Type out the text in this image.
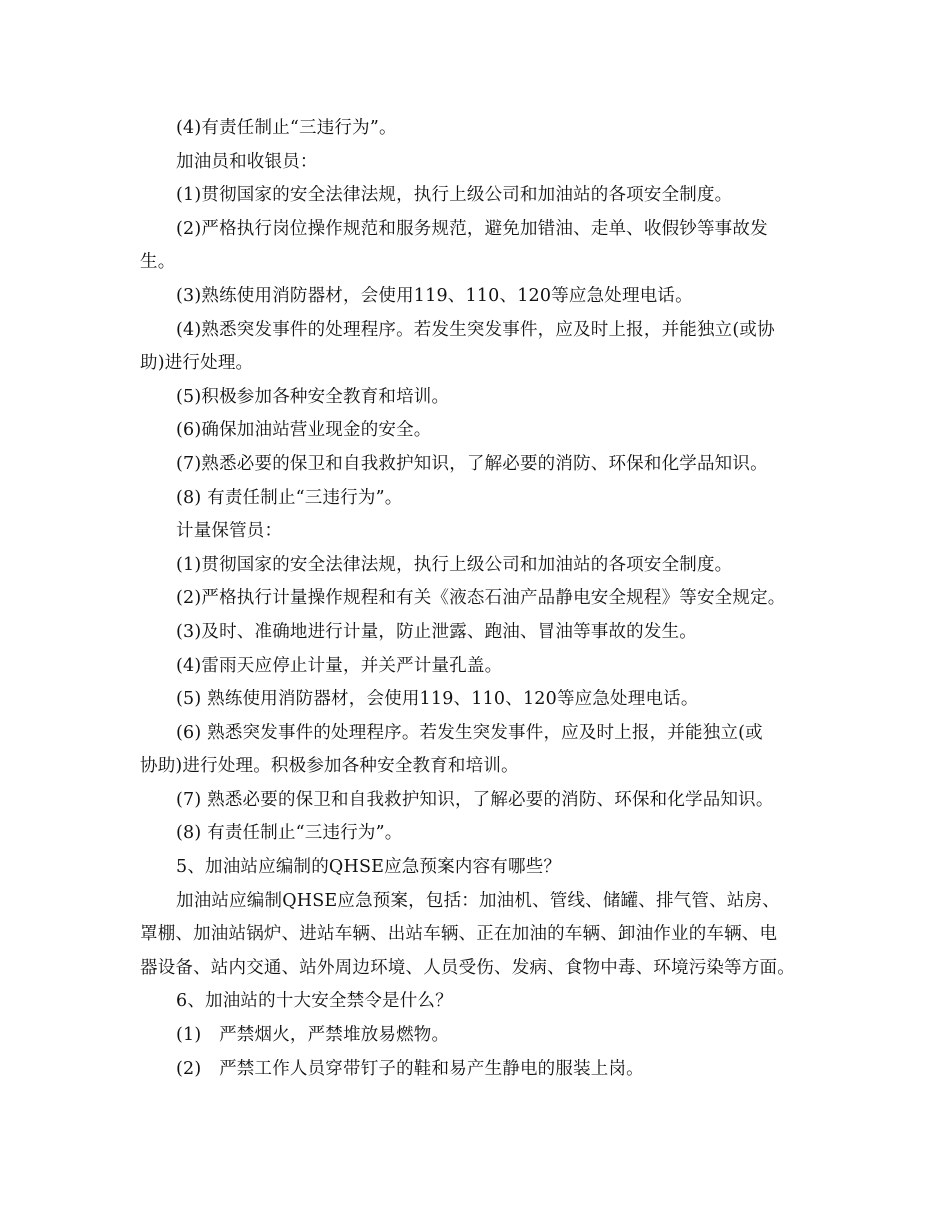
(4)有责任制止“三违行为”。
加油员和收银员：
(1)贯彻国家的安全法律法规，执行上级公司和加油站的各项安全制度。
(2)严格执行岗位操作规范和服务规范，避免加错油、走单、收假钞等事故发
生。
(3)熟练使用消防器材，会使用119、110、120等应急处理电话。
(4)熟悉突发事件的处理程序。若发生突发事件，应及时上报，并能独立(或协
助)进行处理。
(5)积极参加各种安全教育和培训。
(6)确保加油站营业现金的安全。
(7)熟悉必要的保卫和自我救护知识，了解必要的消防、环保和化学品知识。
(8) 有责任制止“三违行为”。
计量保管员：
(1)贯彻国家的安全法律法规，执行上级公司和加油站的各项安全制度。
(2)严格执行计量操作规程和有关《液态石油产品静电安全规程》等安全规定。
(3)及时、准确地进行计量，防止泄露、跑油、冒油等事故的发生。
(4)雷雨天应停止计量，并关严计量孔盖。
(5) 熟练使用消防器材，会使用119、110、120等应急处理电话。
(6) 熟悉突发事件的处理程序。若发生突发事件，应及时上报，并能独立(或
协助)进行处理。积极参加各种安全教育和培训。
(7) 熟悉必要的保卫和自我救护知识，了解必要的消防、环保和化学品知识。
(8) 有责任制止“三违行为”。
5、加油站应编制的QHSE应急预案内容有哪些？
加油站应编制QHSE应急预案，包括：加油机、管线、储罐、排气管、站房、
罩棚、加油站锅炉、进站车辆、出站车辆、正在加油的车辆、卸油作业的车辆、电
器设备、站内交通、站外周边环境、人员受伤、发病、食物中毒、环境污染等方面。
6、加油站的十大安全禁令是什么？
(1)　严禁烟火，严禁堆放易燃物。
(2)　严禁工作人员穿带钉子的鞋和易产生静电的服装上岗。
